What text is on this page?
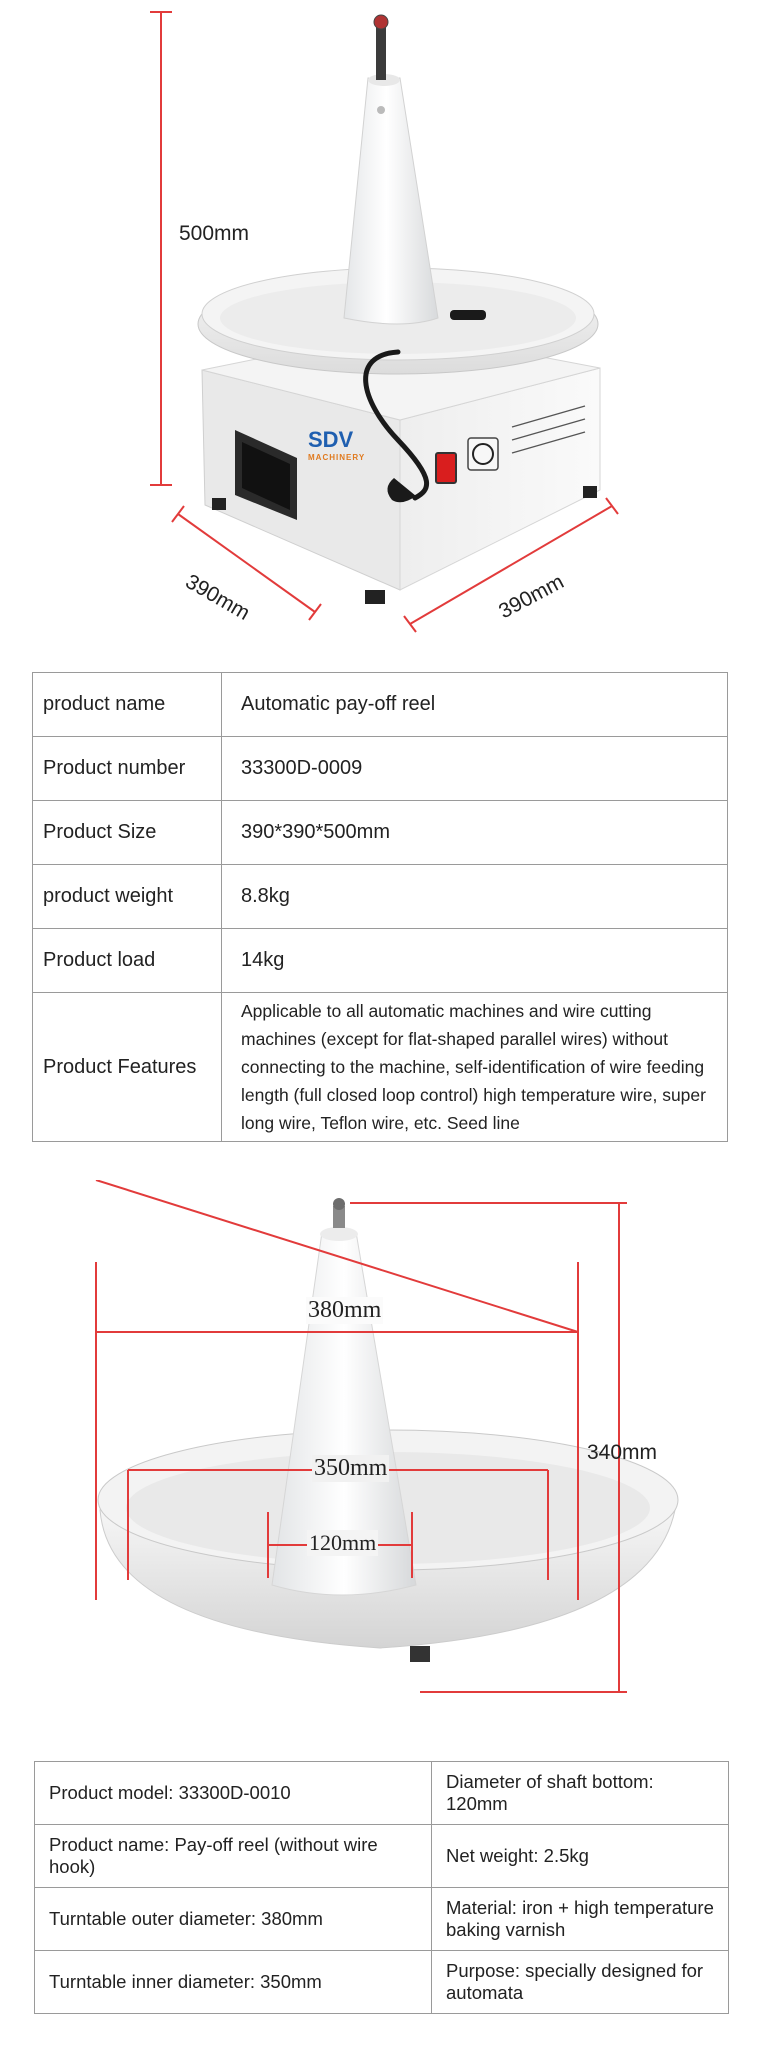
SDV
MACHINERY
500mm
390mm	390mm
product name	Automatic pay-off reel
Product number	33300D-0009
Product Size	390*390*500mm
product weight	8.8kg
Product load	14kg
Product Features	Applicable to all automatic machines and wire cutting machines (except for flat-shaped parallel wires) without connecting to the machine, self-identification of wire feeding length (full closed loop control) high temperature wire, super long wire, Teflon wire, etc. Seed line
380mm
350mm
120mm
340mm
Product model: 33300D-0010	Diameter of shaft bottom: 120mm
Product name: Pay-off reel (without wire hook)	Net weight: 2.5kg
Turntable outer diameter: 380mm	Material: iron + high temperature baking varnish
Turntable inner diameter: 350mm	Purpose: specially designed for automata
